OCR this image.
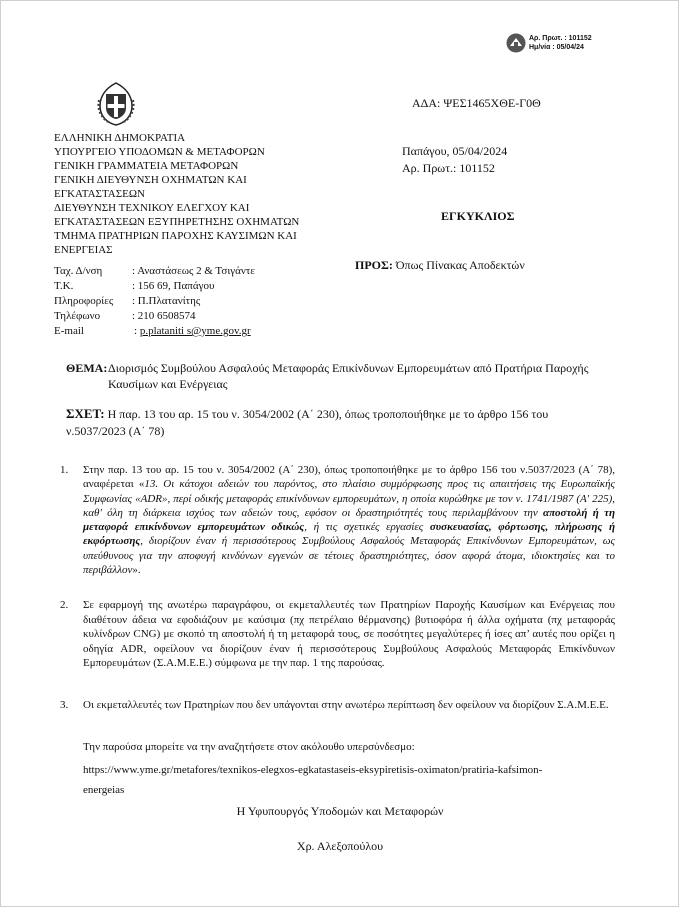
Αρ. Πρωτ. : 101152
Ημ/νία : 05/04/24
ΑΔΑ: ΨΕΣ1465ΧΘΕ-Γ0Θ
ΕΛΛΗΝΙΚΗ ΔΗΜΟΚΡΑΤΙΑ
ΥΠΟΥΡΓΕΙΟ ΥΠΟΔΟΜΩΝ & ΜΕΤΑΦΟΡΩΝ
ΓΕΝΙΚΗ ΓΡΑΜΜΑΤΕΙΑ ΜΕΤΑΦΟΡΩΝ
ΓΕΝΙΚΗ ΔΙΕΥΘΥΝΣΗ ΟΧΗΜΑΤΩΝ ΚΑΙ
ΕΓΚΑΤΑΣΤΑΣΕΩΝ
ΔΙΕΥΘΥΝΣΗ ΤΕΧΝΙΚΟΥ ΕΛΕΓΧΟΥ ΚΑΙ
ΕΓΚΑΤΑΣΤΑΣΕΩΝ ΕΞΥΠΗΡΕΤΗΣΗΣ ΟΧΗΜΑΤΩΝ
ΤΜΗΜΑ ΠΡΑΤΗΡΙΩΝ ΠΑΡΟΧΗΣ ΚΑΥΣΙΜΩΝ ΚΑΙ
ΕΝΕΡΓΕΙΑΣ
Ταχ. Δ/νση	: Αναστάσεως 2 & Τσιγάντε
Τ.Κ.	: 156 69, Παπάγου
Πληροφορίες : Π.Πλατανίτης
Τηλέφωνο	: 210 6508574
E-mail	: p.plataniti s@yme.gov.gr
Παπάγου, 05/04/2024
Αρ. Πρωτ.: 101152
ΕΓΚΥΚΛΙΟΣ
ΠΡΟΣ: Όπως Πίνακας Αποδεκτών
ΘΕΜΑ: Διορισμός Συμβούλου Ασφαλούς Μεταφοράς Επικίνδυνων Εμπορευμάτων από Πρατήρια Παροχής
Καυσίμων και Ενέργειας
ΣΧΕΤ: Η παρ. 13 του αρ. 15 του ν. 3054/2002 (Α΄ 230), όπως τροποποιήθηκε με το άρθρο 156 του
ν.5037/2023 (Α΄ 78)
1. Στην παρ. 13 του αρ. 15 του ν. 3054/2002 (Α΄ 230), όπως τροποποιήθηκε με το άρθρο 156 του ν.5037/2023 (Α΄ 78), αναφέρεται «13. Οι κάτοχοι αδειών του παρόντος, στο πλαίσιο συμμόρφωσης προς τις απαιτήσεις της Ευρωπαϊκής Συμφωνίας «ADR», περί οδικής μεταφοράς επικίνδυνων εμπορευμάτων, η οποία κυρώθηκε με τον ν. 1741/1987 (Α' 225), καθ' όλη τη διάρκεια ισχύος των αδειών τους, εφόσον οι δραστηριότητές τους περιλαμβάνουν την αποστολή ή τη μεταφορά επικίνδυνων εμπορευμάτων οδικώς, ή τις σχετικές εργασίες συσκευασίας, φόρτωσης, πλήρωσης ή εκφόρτωσης, διορίζουν έναν ή περισσότερους Συμβούλους Ασφαλούς Μεταφοράς Επικίνδυνων Εμπορευμάτων, ως υπεύθυνους για την αποφυγή κινδύνων εγγενών σε τέτοιες δραστηριότητες, όσον αφορά άτομα, ιδιοκτησίες και το περιβάλλον».
2. Σε εφαρμογή της ανωτέρω παραγράφου, οι εκμεταλλευτές των Πρατηρίων Παροχής Καυσίμων και Ενέργειας που διαθέτουν άδεια να εφοδιάζουν με καύσιμα (πχ πετρέλαιο θέρμανσης) βυτιοφόρα ή άλλα οχήματα (πχ μεταφοράς κυλίνδρων CNG) με σκοπό τη αποστολή ή τη μεταφορά τους, σε ποσότητες μεγαλύτερες ή ίσες απ’ αυτές που ορίζει η οδηγία ADR, οφείλουν να διορίζουν έναν ή περισσότερους Συμβούλους Ασφαλούς Μεταφοράς Επικίνδυνων Εμπορευμάτων (Σ.Α.Μ.Ε.Ε.) σύμφωνα με την παρ. 1 της παρούσας.
3. Οι εκμεταλλευτές των Πρατηρίων που δεν υπάγονται στην ανωτέρω περίπτωση δεν οφείλουν να διορίζουν Σ.Α.Μ.Ε.Ε.
Την παρούσα μπορείτε να την αναζητήσετε στον ακόλουθο υπερσύνδεσμο:
https://www.yme.gr/metafores/texnikos-elegxos-egkatastaseis-eksypiretisis-oximaton/pratiria-kafsimon-
energeias
Η Υφυπουργός Υποδομών και Μεταφορών
Χρ. Αλεξοπούλου
